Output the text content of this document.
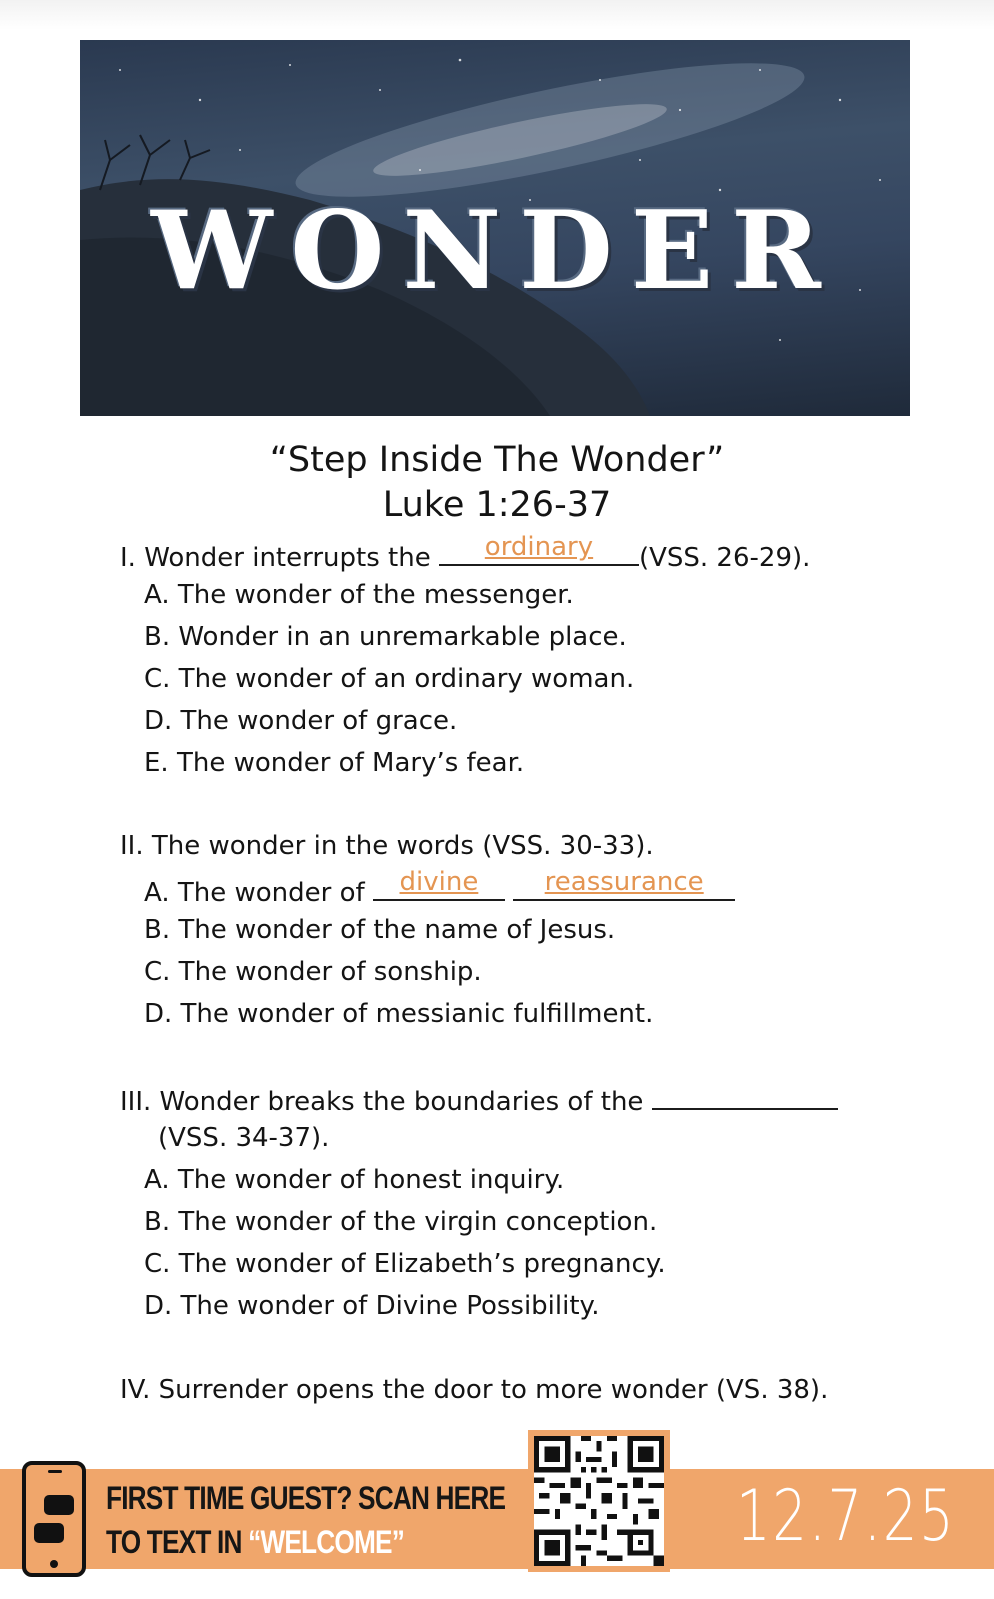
WONDER
“Step Inside The Wonder”
Luke 1:26-37
I. Wonder interrupts the	ordinary	(VSS. 26-29).
A. The wonder of the messenger.
B. Wonder in an unremarkable place.
C. The wonder of an ordinary woman.
D. The wonder of grace.
E. The wonder of Mary’s fear.
II. The wonder in the words (VSS. 30-33).
A. The wonder of	divine
	reassurance
B. The wonder of the name of Jesus.
C. The wonder of sonship.
D. The wonder of messianic fulfillment.
III. Wonder breaks the boundaries of the
(VSS. 34-37).
A. The wonder of honest inquiry.
B. The wonder of the virgin conception.
C. The wonder of Elizabeth’s pregnancy.
D. The wonder of Divine Possibility.
IV. Surrender opens the door to more wonder (VS. 38).
FIRST TIME GUEST? SCAN HERE
TO TEXT IN “WELCOME”	12.7.25
